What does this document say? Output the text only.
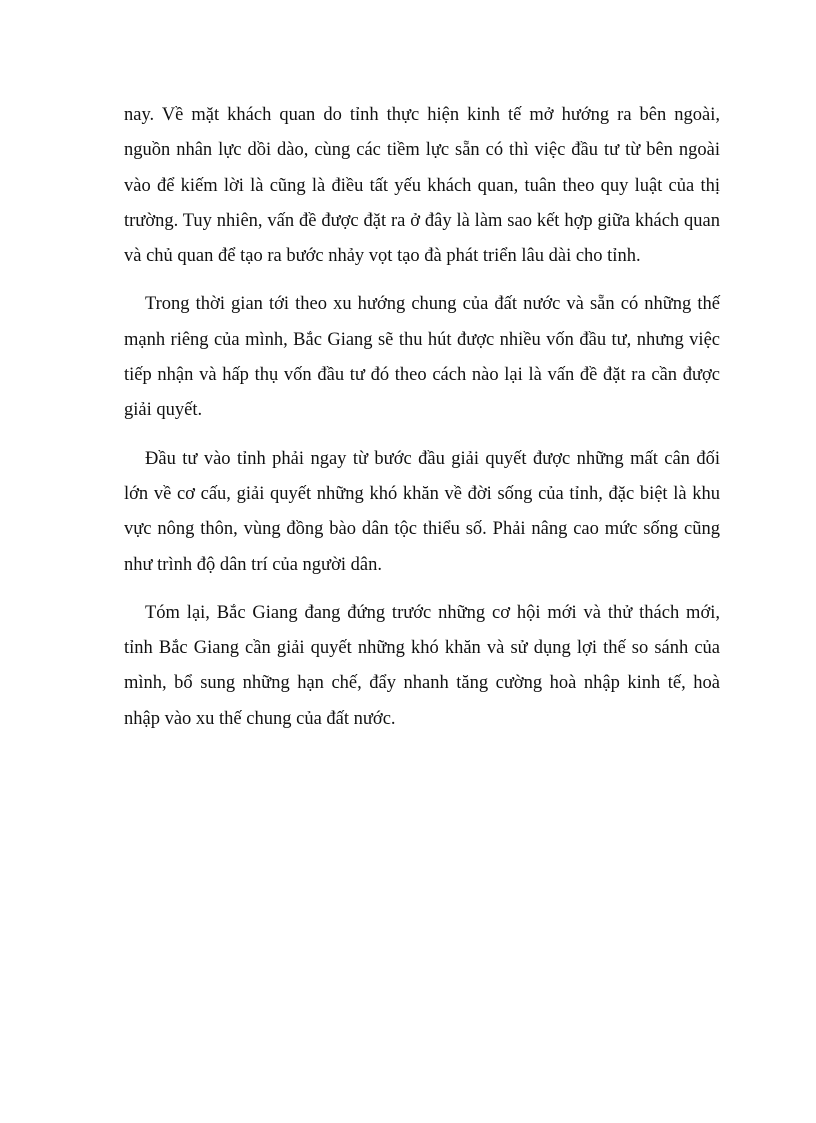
nay. Về mặt khách quan do tỉnh thực hiện kinh tế mở hướng ra bên ngoài, nguồn nhân lực dồi dào, cùng các tiềm lực sẵn có thì việc đầu tư từ bên ngoài vào để kiếm lời là cũng là điều tất yếu khách quan, tuân theo quy luật của thị trường. Tuy nhiên, vấn đề được đặt ra ở đây là làm sao kết hợp giữa khách quan và chủ quan để tạo ra bước nhảy vọt tạo đà phát triển lâu dài cho tỉnh.

Trong thời gian tới theo xu hướng chung của đất nước và sẵn có những thế mạnh riêng của mình, Bắc Giang sẽ thu hút được nhiều vốn đầu tư, nhưng việc tiếp nhận và hấp thụ vốn đầu tư đó theo cách nào lại là vấn đề đặt ra cần được giải quyết.

Đầu tư vào tỉnh phải ngay từ bước đầu giải quyết được những mất cân đối lớn về cơ cấu, giải quyết những khó khăn về đời sống của tỉnh, đặc biệt là khu vực nông thôn, vùng đồng bào dân tộc thiểu số. Phải nâng cao mức sống cũng như trình độ dân trí của người dân.

Tóm lại, Bắc Giang đang đứng trước những cơ hội mới và thử thách mới, tỉnh Bắc Giang cần giải quyết những khó khăn và sử dụng lợi thế so sánh của mình, bổ sung những hạn chế, đẩy nhanh tăng cường hoà nhập kinh tế, hoà nhập vào xu thế chung của đất nước.
